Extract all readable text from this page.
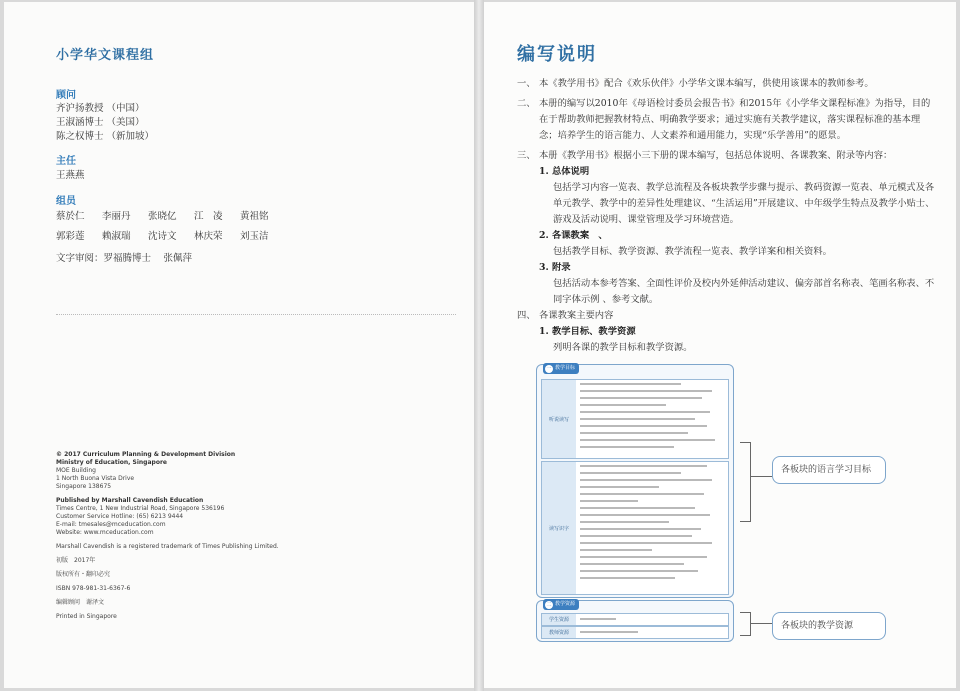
小学华文课程组
顾问
齐沪扬教授 （中国）
王淑涵博士 （美国）
陈之权博士 （新加坡）
主任
王燕燕
组员
蔡於仁	李丽丹	张晓亿	江　凌	黄祖铭
郭彩莲	赖淑瑞	沈诗文	林庆荣	刘玉洁
文字审阅：罗福腾博士　 张佩萍
© 2017 Curriculum Planning & Development Division
Ministry of Education, Singapore
MOE Building
1 North Buona Vista Drive
Singapore 138675
Published by Marshall Cavendish Education
Times Centre, 1 New Industrial Road, Singapore 536196
Customer Service Hotline: (65) 6213 9444
E-mail: tmesales@mceducation.com
Website: www.mceducation.com
Marshall Cavendish is a registered trademark of Times Publishing Limited.
初版　2017年
版权所有・翻印必究
ISBN 978-981-31-6367-6
编辑顾问　谢泽文
Printed in Singapore
编写说明
一、 本《教学用书》配合《欢乐伙伴》小学华文课本编写，供使用该课本的教师参考。
二、 本册的编写以2010年《母语检讨委员会报告书》和2015年《小学华文课程标准》为指导，目的在于帮助教师把握教材特点、明确教学要求；通过实施有关教学建议，落实课程标准的基本理念；培养学生的语言能力、人文素养和通用能力，实现“乐学善用”的愿景。
三、 本册《教学用书》根据小三下册的课本编写，包括总体说明、各课教案、附录等内容：
1. 总体说明
包括学习内容一览表、教学总流程及各板块教学步骤与提示、教码资源一览表、单元模式及各单元教学、教学中的差异性处理建议、“生活运用”开展建议、中年级学生特点及教学小贴士、游戏及活动说明、课堂管理及学习环境营造。
2. 各课教案　、
包括教学目标、教学资源、教学流程一览表、教学详案和相关资料。
3. 附录
包括活动本参考答案、全面性评价及校内外延伸活动建议、偏旁部首名称表、笔画名称表、不同字体示例 、参考文献。
四、 各课教案主要内容
1. 教学目标、教学资源
列明各课的教学目标和教学资源。
一 教学目标
听说读写
读写识字
二 教学资源
学生资源
教师资源
各板块的语言学习目标
各板块的教学资源
